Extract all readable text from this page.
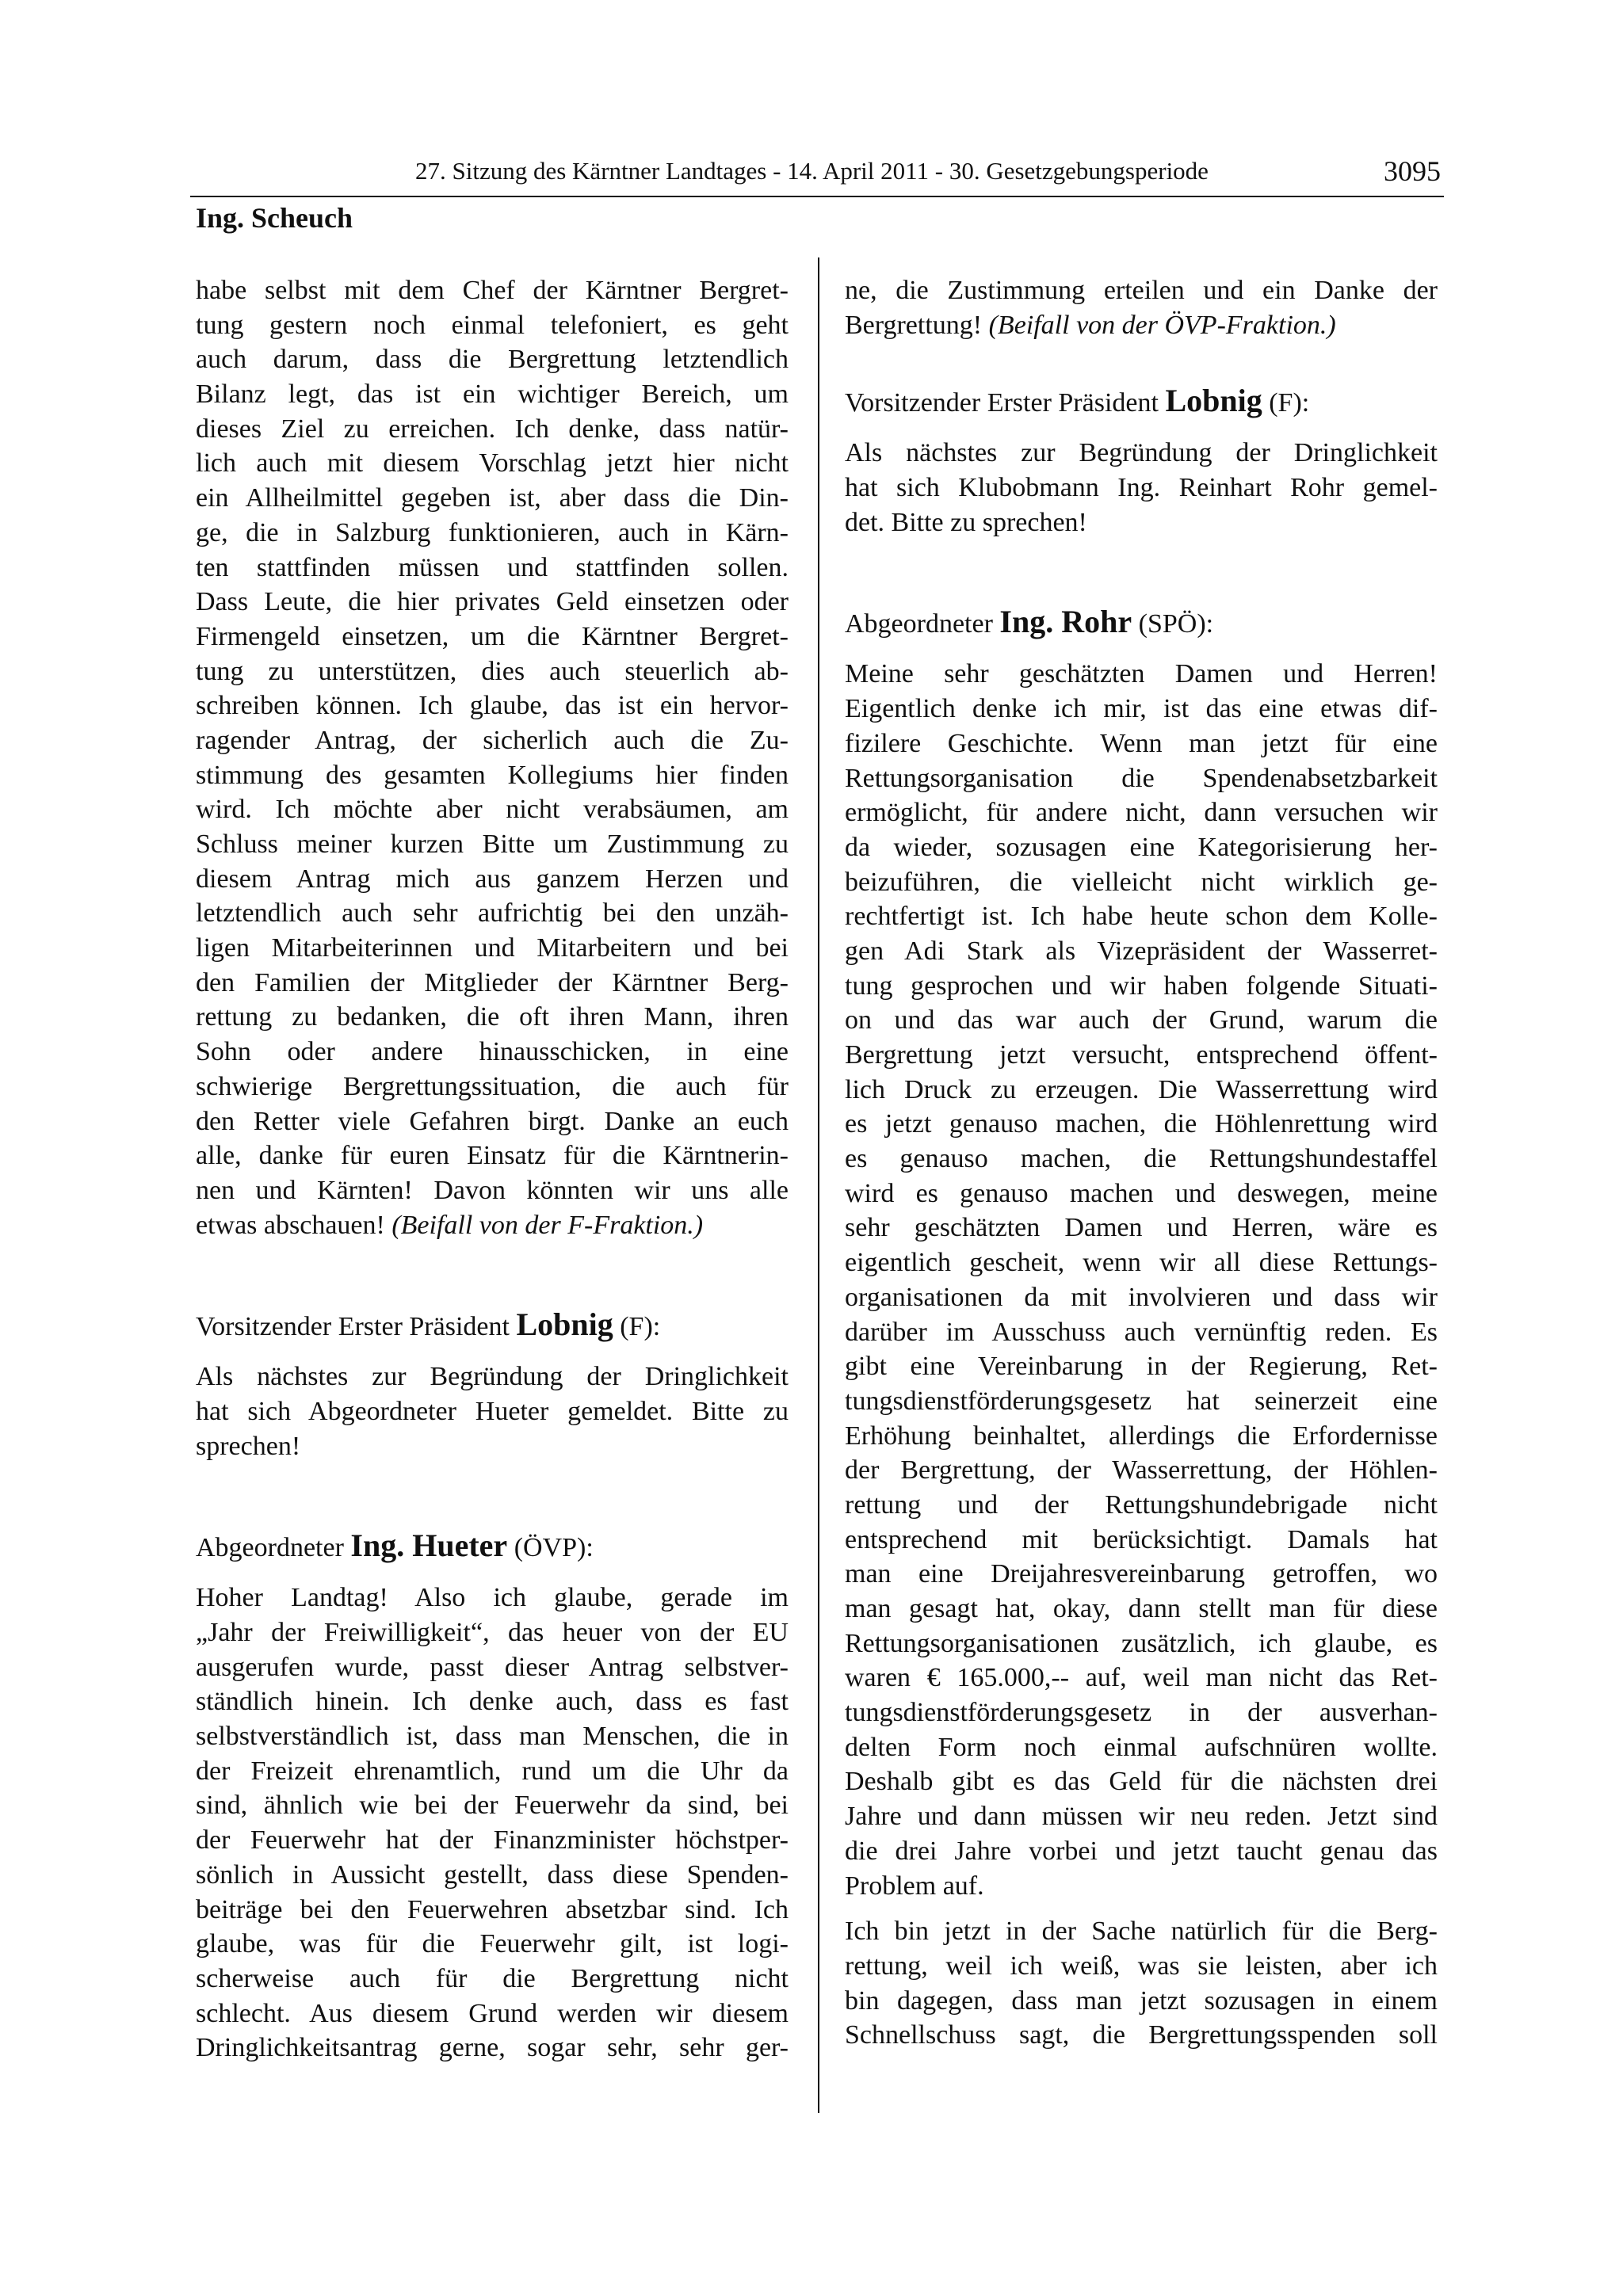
27. Sitzung des Kärntner Landtages - 14. April 2011 - 30. Gesetzgebungsperiode	3095
Ing. Scheuch
habe selbst mit dem Chef der Kärntner Bergret-
tung gestern noch einmal telefoniert, es geht
auch darum, dass die Bergrettung letztendlich
Bilanz legt, das ist ein wichtiger Bereich, um
dieses Ziel zu erreichen. Ich denke, dass natür-
lich auch mit diesem Vorschlag jetzt hier nicht
ein Allheilmittel gegeben ist, aber dass die Din-
ge, die in Salzburg funktionieren, auch in Kärn-
ten stattfinden müssen und stattfinden sollen.
Dass Leute, die hier privates Geld einsetzen oder
Firmengeld einsetzen, um die Kärntner Bergret-
tung zu unterstützen, dies auch steuerlich ab-
schreiben können. Ich glaube, das ist ein hervor-
ragender Antrag, der sicherlich auch die Zu-
stimmung des gesamten Kollegiums hier finden
wird. Ich möchte aber nicht verabsäumen, am
Schluss meiner kurzen Bitte um Zustimmung zu
diesem Antrag mich aus ganzem Herzen und
letztendlich auch sehr aufrichtig bei den unzäh-
ligen Mitarbeiterinnen und Mitarbeitern und bei
den Familien der Mitglieder der Kärntner Berg-
rettung zu bedanken, die oft ihren Mann, ihren
Sohn oder andere hinausschicken, in eine
schwierige Bergrettungssituation, die auch für
den Retter viele Gefahren birgt. Danke an euch
alle, danke für euren Einsatz für die Kärntnerin-
nen und Kärnten! Davon könnten wir uns alle
etwas abschauen! (Beifall von der F-Fraktion.)
Vorsitzender Erster Präsident Lobnig (F):
Als nächstes zur Begründung der Dringlichkeit
hat sich Abgeordneter Hueter gemeldet. Bitte zu
sprechen!
Abgeordneter Ing. Hueter (ÖVP):
Hoher Landtag! Also ich glaube, gerade im
„Jahr der Freiwilligkeit“, das heuer von der EU
ausgerufen wurde, passt dieser Antrag selbstver-
ständlich hinein. Ich denke auch, dass es fast
selbstverständlich ist, dass man Menschen, die in
der Freizeit ehrenamtlich, rund um die Uhr da
sind, ähnlich wie bei der Feuerwehr da sind, bei
der Feuerwehr hat der Finanzminister höchstper-
sönlich in Aussicht gestellt, dass diese Spenden-
beiträge bei den Feuerwehren absetzbar sind. Ich
glaube, was für die Feuerwehr gilt, ist logi-
scherweise auch für die Bergrettung nicht
schlecht. Aus diesem Grund werden wir diesem
Dringlichkeitsantrag gerne, sogar sehr, sehr ger-
ne, die Zustimmung erteilen und ein Danke der
Bergrettung! (Beifall von der ÖVP-Fraktion.)
Vorsitzender Erster Präsident Lobnig (F):
Als nächstes zur Begründung der Dringlichkeit
hat sich Klubobmann Ing. Reinhart Rohr gemel-
det. Bitte zu sprechen!
Abgeordneter Ing. Rohr (SPÖ):
Meine sehr geschätzten Damen und Herren!
Eigentlich denke ich mir, ist das eine etwas dif-
fizilere Geschichte. Wenn man jetzt für eine
Rettungsorganisation die Spendenabsetzbarkeit
ermöglicht, für andere nicht, dann versuchen wir
da wieder, sozusagen eine Kategorisierung her-
beizuführen, die vielleicht nicht wirklich ge-
rechtfertigt ist. Ich habe heute schon dem Kolle-
gen Adi Stark als Vizepräsident der Wasserret-
tung gesprochen und wir haben folgende Situati-
on und das war auch der Grund, warum die
Bergrettung jetzt versucht, entsprechend öffent-
lich Druck zu erzeugen. Die Wasserrettung wird
es jetzt genauso machen, die Höhlenrettung wird
es genauso machen, die Rettungshundestaffel
wird es genauso machen und deswegen, meine
sehr geschätzten Damen und Herren, wäre es
eigentlich gescheit, wenn wir all diese Rettungs-
organisationen da mit involvieren und dass wir
darüber im Ausschuss auch vernünftig reden. Es
gibt eine Vereinbarung in der Regierung, Ret-
tungsdienstförderungsgesetz hat seinerzeit eine
Erhöhung beinhaltet, allerdings die Erfordernisse
der Bergrettung, der Wasserrettung, der Höhlen-
rettung und der Rettungshundebrigade nicht
entsprechend mit berücksichtigt. Damals hat
man eine Dreijahresvereinbarung getroffen, wo
man gesagt hat, okay, dann stellt man für diese
Rettungsorganisationen zusätzlich, ich glaube, es
waren € 165.000,-- auf, weil man nicht das Ret-
tungsdienstförderungsgesetz in der ausverhan-
delten Form noch einmal aufschnüren wollte.
Deshalb gibt es das Geld für die nächsten drei
Jahre und dann müssen wir neu reden. Jetzt sind
die drei Jahre vorbei und jetzt taucht genau das
Problem auf.
Ich bin jetzt in der Sache natürlich für die Berg-
rettung, weil ich weiß, was sie leisten, aber ich
bin dagegen, dass man jetzt sozusagen in einem
Schnellschuss sagt, die Bergrettungsspenden soll
